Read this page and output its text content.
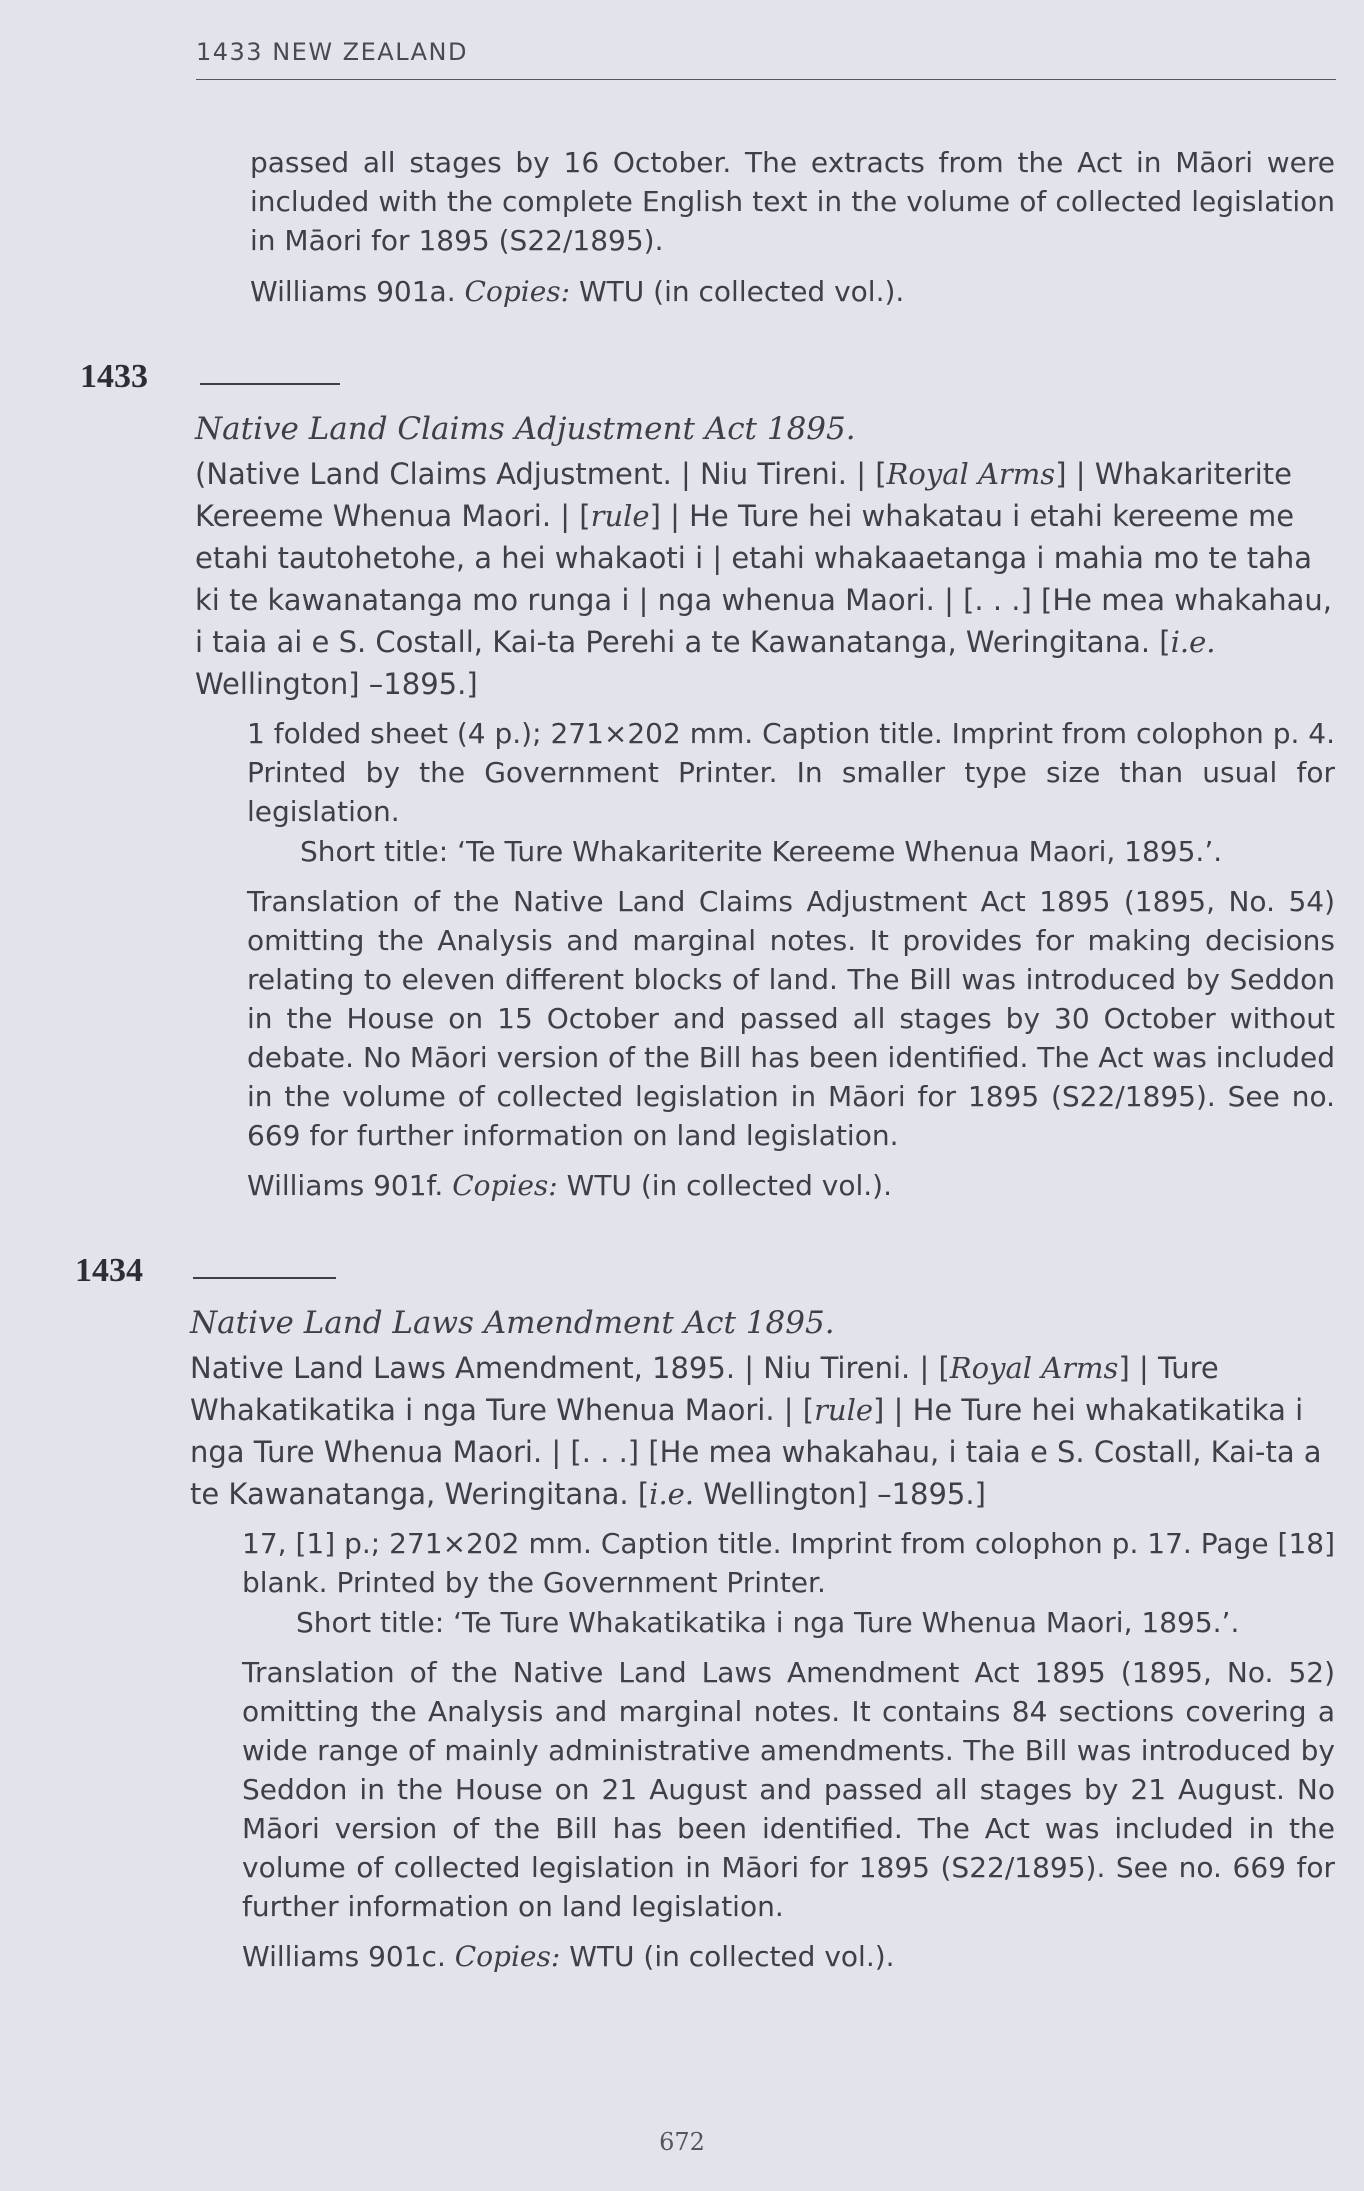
1433 NEW ZEALAND

passed all stages by 16 October. The extracts from the Act in Māori were included with the complete English text in the volume of collected legislation in Māori for 1895 (S22/1895).

Williams 901a. Copies: WTU (in collected vol.).

1433

Native Land Claims Adjustment Act 1895.

(Native Land Claims Adjustment. | Niu Tireni. | [Royal Arms] | Whakariterite Kereeme Whenua Maori. | [rule] | He Ture hei whakatau i etahi kereeme me etahi tautohetohe, a hei whakaoti i | etahi whakaaetanga i mahia mo te taha ki te kawanatanga mo runga i | nga whenua Maori. | [. . .] [He mea whakahau, i taia ai e S. Costall, Kai-ta Perehi a te Kawanatanga, Weringitana. [i.e. Wellington] –1895.]

1 folded sheet (4 p.); 271×202 mm. Caption title. Imprint from colophon p. 4. Printed by the Government Printer. In smaller type size than usual for legislation.

Short title: ‘Te Ture Whakariterite Kereeme Whenua Maori, 1895.’.

Translation of the Native Land Claims Adjustment Act 1895 (1895, No. 54) omitting the Analysis and marginal notes. It provides for making decisions relating to eleven different blocks of land. The Bill was introduced by Seddon in the House on 15 October and passed all stages by 30 October without debate. No Māori version of the Bill has been identified. The Act was included in the volume of collected legislation in Māori for 1895 (S22/1895). See no. 669 for further information on land legislation.

Williams 901f. Copies: WTU (in collected vol.).

1434

Native Land Laws Amendment Act 1895.

Native Land Laws Amendment, 1895. | Niu Tireni. | [Royal Arms] | Ture Whakatikatika i nga Ture Whenua Maori. | [rule] | He Ture hei whakatikatika i nga Ture Whenua Maori. | [. . .] [He mea whakahau, i taia e S. Costall, Kai-ta a te Kawanatanga, Weringitana. [i.e. Wellington] –1895.]

17, [1] p.; 271×202 mm. Caption title. Imprint from colophon p. 17. Page [18] blank. Printed by the Government Printer.

Short title: ‘Te Ture Whakatikatika i nga Ture Whenua Maori, 1895.’.

Translation of the Native Land Laws Amendment Act 1895 (1895, No. 52) omitting the Analysis and marginal notes. It contains 84 sections covering a wide range of mainly administrative amendments. The Bill was introduced by Seddon in the House on 21 August and passed all stages by 21 August. No Māori version of the Bill has been identified. The Act was included in the volume of collected legislation in Māori for 1895 (S22/1895). See no. 669 for further information on land legislation.

Williams 901c. Copies: WTU (in collected vol.).

672
